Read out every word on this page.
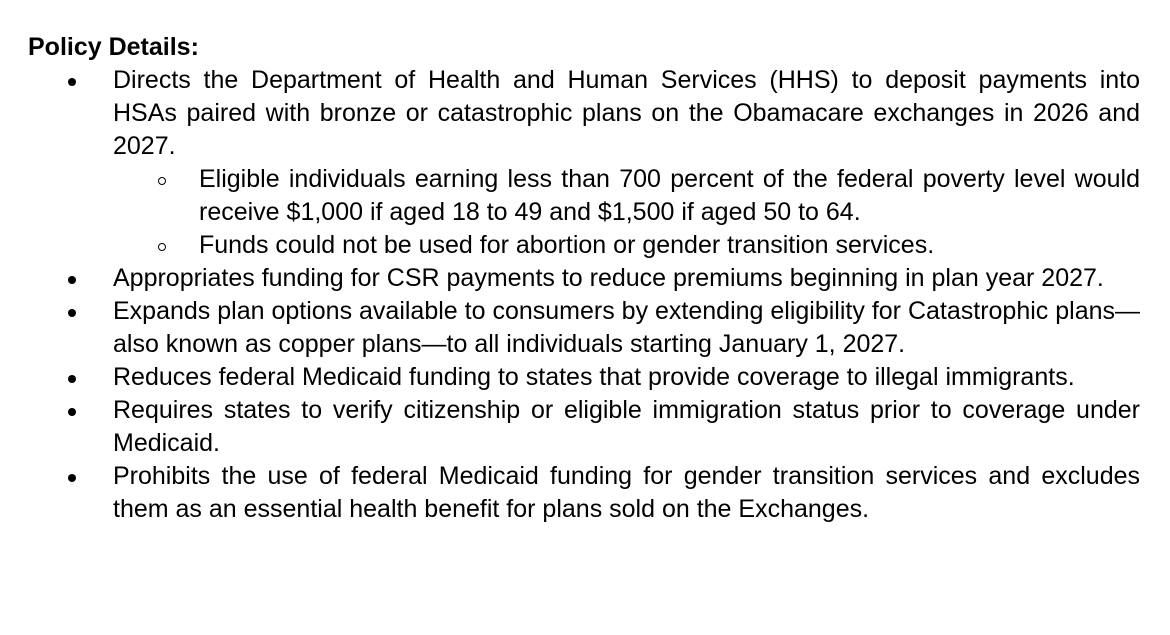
Policy Details:

Directs the Department of Health and Human Services (HHS) to deposit payments into HSAs paired with bronze or catastrophic plans on the Obamacare exchanges in 2026 and 2027.
Eligible individuals earning less than 700 percent of the federal poverty level would receive $1,000 if aged 18 to 49 and $1,500 if aged 50 to 64.
Funds could not be used for abortion or gender transition services.
Appropriates funding for CSR payments to reduce premiums beginning in plan year 2027.
Expands plan options available to consumers by extending eligibility for Catastrophic plans—also known as copper plans—to all individuals starting January 1, 2027.
Reduces federal Medicaid funding to states that provide coverage to illegal immigrants.
Requires states to verify citizenship or eligible immigration status prior to coverage under Medicaid.
Prohibits the use of federal Medicaid funding for gender transition services and excludes them as an essential health benefit for plans sold on the Exchanges.
